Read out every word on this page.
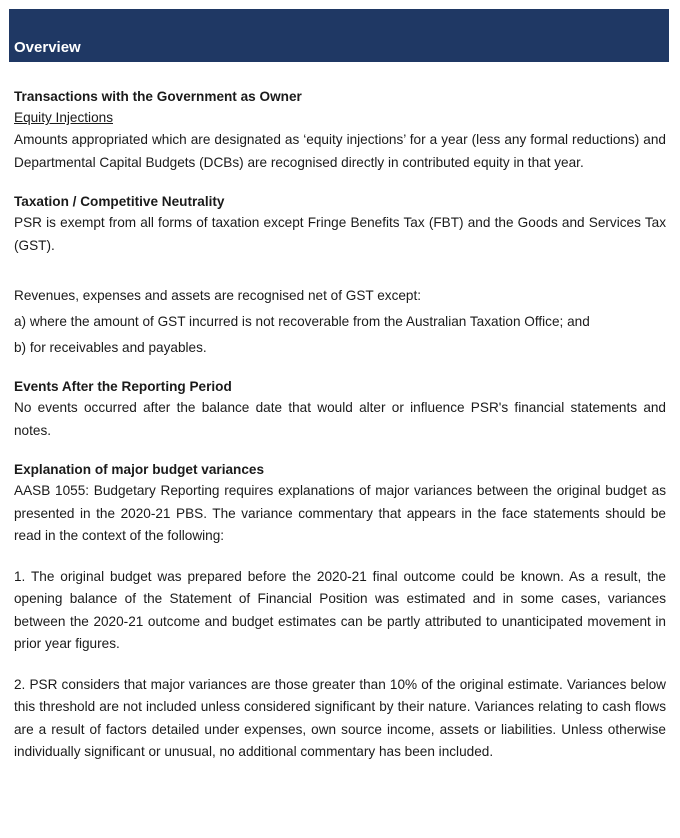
Overview

Transactions with the Government as Owner

Equity Injections

Amounts appropriated which are designated as ‘equity injections’ for a year (less any formal reductions) and Departmental Capital Budgets (DCBs) are recognised directly in contributed equity in that year.

Taxation / Competitive Neutrality

PSR is exempt from all forms of taxation except Fringe Benefits Tax (FBT) and the Goods and Services Tax (GST).

Revenues, expenses and assets are recognised net of GST except:

a) where the amount of GST incurred is not recoverable from the Australian Taxation Office; and

b) for receivables and payables.

Events After the Reporting Period

No events occurred after the balance date that would alter or influence PSR's financial statements and notes.

Explanation of major budget variances

AASB 1055: Budgetary Reporting requires explanations of major variances between the original budget as presented in the 2020-21 PBS. The variance commentary that appears in the face statements should be read in the context of the following:

1. The original budget was prepared before the 2020-21 final outcome could be known. As a result, the opening balance of the Statement of Financial Position was estimated and in some cases, variances between the 2020-21 outcome and budget estimates can be partly attributed to unanticipated movement in prior year figures.

2. PSR considers that major variances are those greater than 10% of the original estimate. Variances below this threshold are not included unless considered significant by their nature. Variances relating to cash flows are a result of factors detailed under expenses, own source income, assets or liabilities. Unless otherwise individually significant or unusual, no additional commentary has been included.
